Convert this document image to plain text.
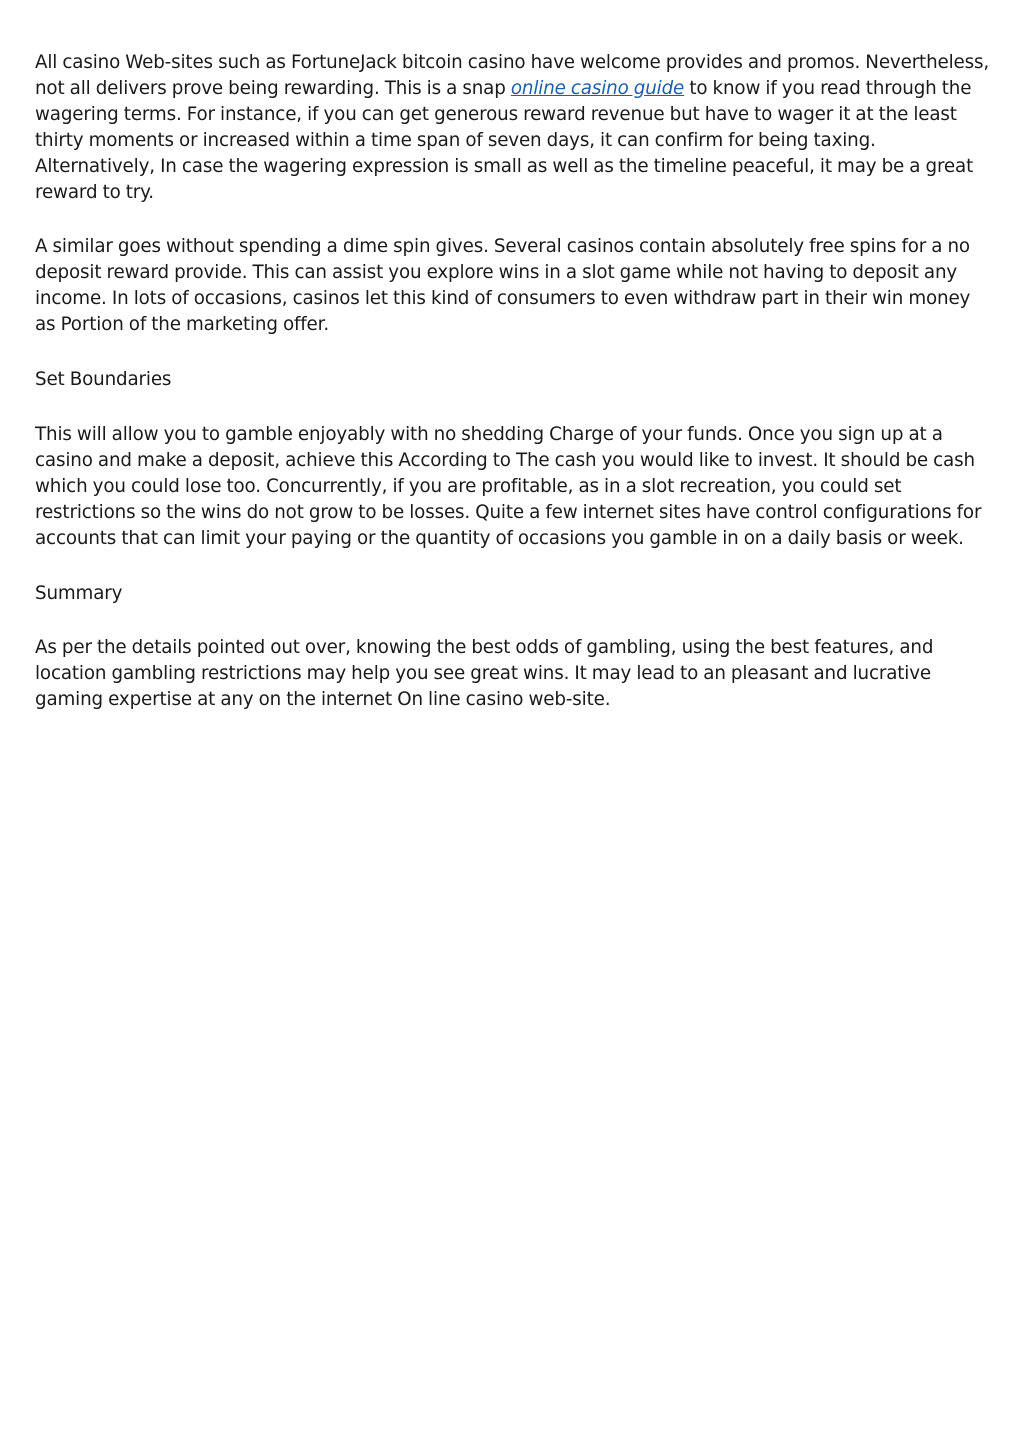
All casino Web-sites such as FortuneJack bitcoin casino have welcome provides and promos. Nevertheless, not all delivers prove being rewarding. This is a snap online casino guide to know if you read through the wagering terms. For instance, if you can get generous reward revenue but have to wager it at the least thirty moments or increased within a time span of seven days, it can confirm for being taxing. Alternatively, In case the wagering expression is small as well as the timeline peaceful, it may be a great reward to try.

A similar goes without spending a dime spin gives. Several casinos contain absolutely free spins for a no deposit reward provide. This can assist you explore wins in a slot game while not having to deposit any income. In lots of occasions, casinos let this kind of consumers to even withdraw part in their win money as Portion of the marketing offer.

Set Boundaries

This will allow you to gamble enjoyably with no shedding Charge of your funds. Once you sign up at a casino and make a deposit, achieve this According to The cash you would like to invest. It should be cash which you could lose too. Concurrently, if you are profitable, as in a slot recreation, you could set restrictions so the wins do not grow to be losses. Quite a few internet sites have control configurations for accounts that can limit your paying or the quantity of occasions you gamble in on a daily basis or week.

Summary

As per the details pointed out over, knowing the best odds of gambling, using the best features, and location gambling restrictions may help you see great wins. It may lead to an pleasant and lucrative gaming expertise at any on the internet On line casino web-site.
